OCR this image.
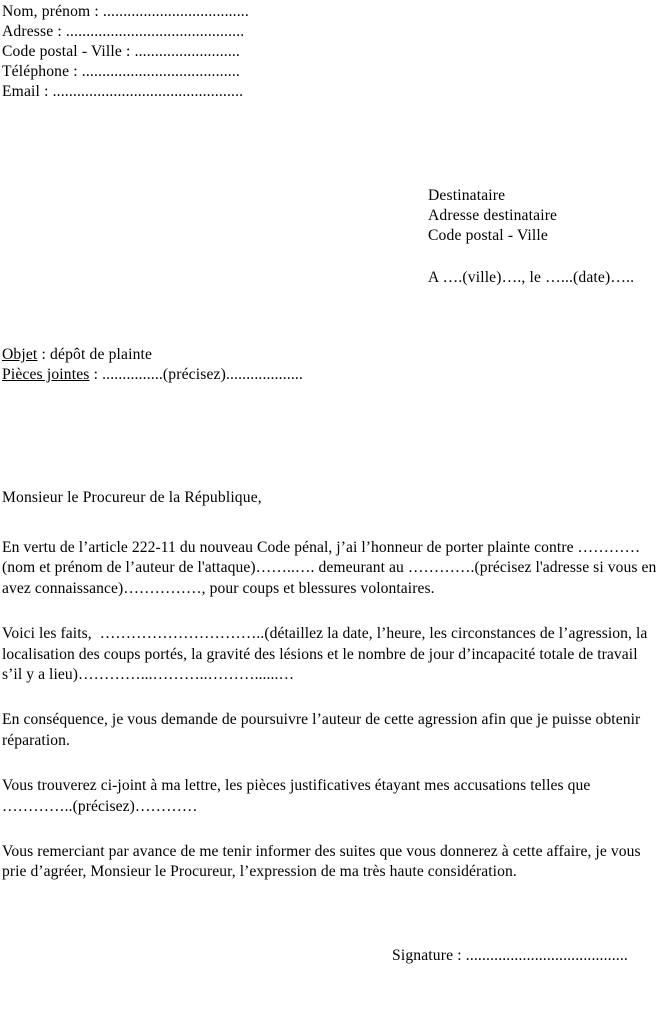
Nom, prénom : ....................................
Adresse : ............................................
Code postal - Ville : ..........................
Téléphone : .......................................
Email : ...............................................
Destinataire
Adresse destinataire
Code postal - Ville
A ….(ville)…., le …...(date)…..
Objet : dépôt de plainte
Pièces jointes : ...............(précisez)...................
Monsieur le Procureur de la République,

En vertu de l’article 222-11 du nouveau Code pénal, j’ai l’honneur de porter plainte contre …………(nom et prénom de l’auteur de l'attaque)……..…. demeurant au ………….(précisez l'adresse si vous en avez connaissance)……………, pour coups et blessures volontaires.

Voici les faits,  …………………………..(détaillez la date, l’heure, les circonstances de l’agression, la localisation des coups portés, la gravité des lésions et le nombre de jour d’incapacité totale de travail s’il y a lieu)…………...………..………......…

En conséquence, je vous demande de poursuivre l’auteur de cette agression afin que je puisse obtenir réparation.

Vous trouverez ci-joint à ma lettre, les pièces justificatives étayant mes accusations telles que …………..(précisez)…………

Vous remerciant par avance de me tenir informer des suites que vous donnerez à cette affaire, je vous prie d’agréer, Monsieur le Procureur, l’expression de ma très haute considération.

Signature : ........................................
